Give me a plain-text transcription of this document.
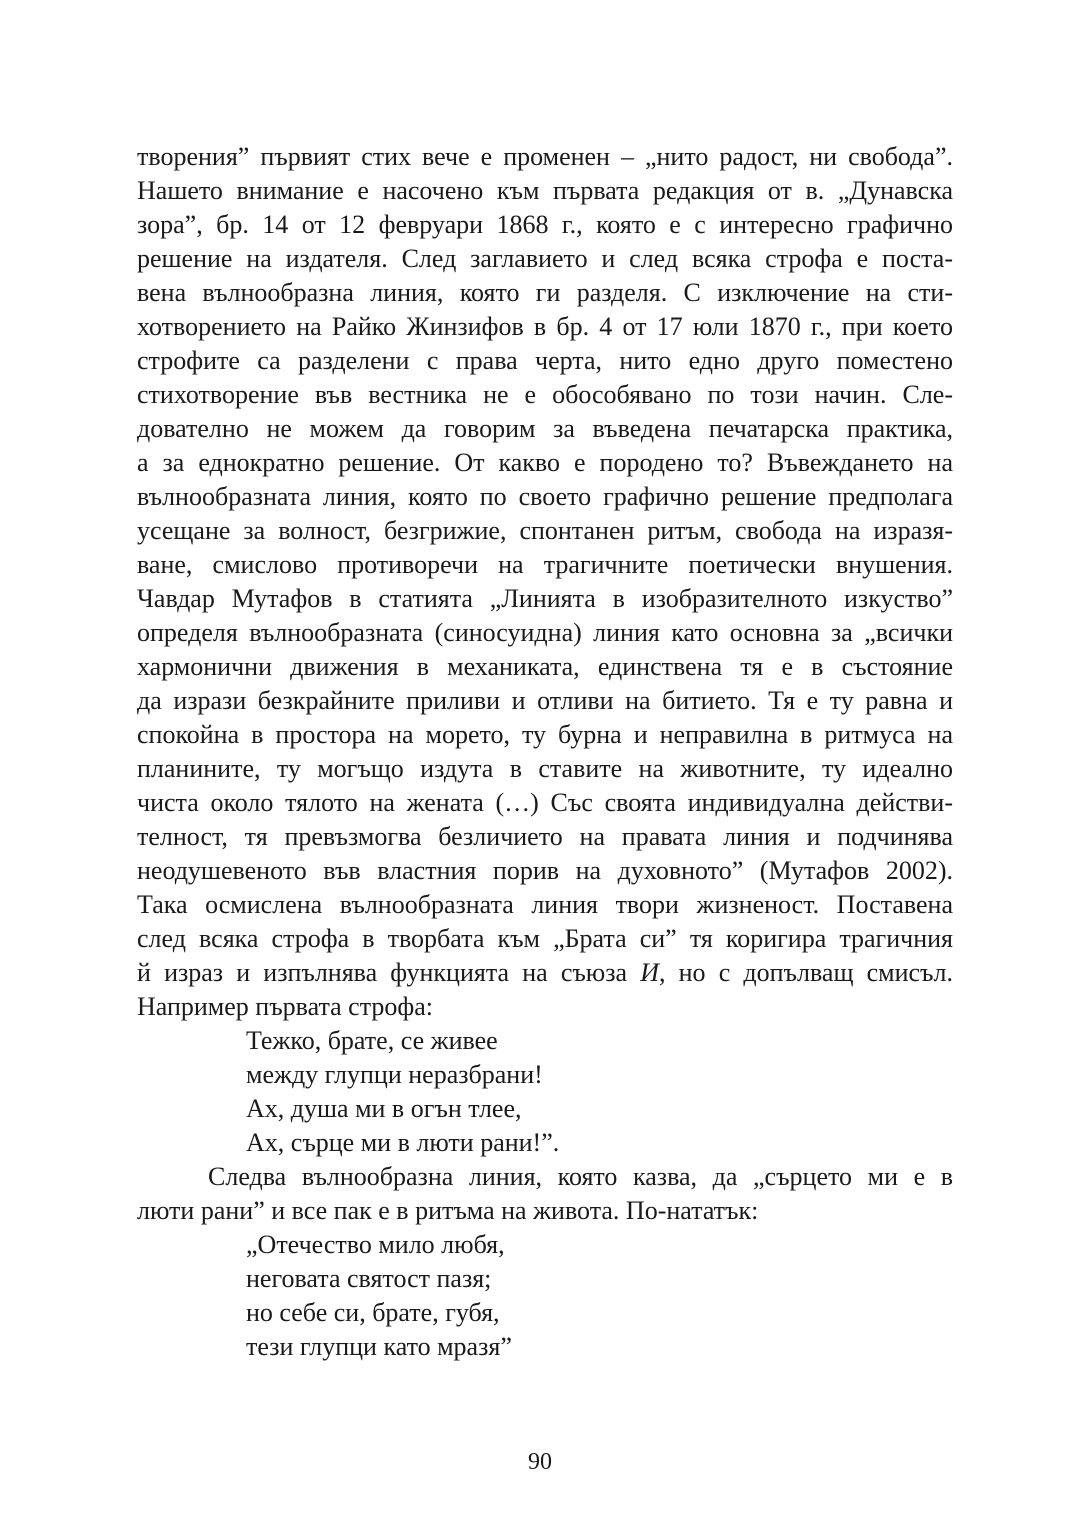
творения” първият стих вече е променен – „нито радост, ни свобода”.
Нашето внимание е насочено към първата редакция от в. „Дунавска
зора”, бр. 14 от 12 февруари 1868 г., която е с интересно графично
решение на издателя. След заглавието и след всяка строфа е поста-
вена вълнообразна линия, която ги разделя. С изключение на сти-
хотворението на Райко Жинзифов в бр. 4 от 17 юли 1870 г., при което
строфите са разделени с права черта, нито едно друго поместено
стихотворение във вестника не е обособявано по този начин. Сле-
дователно не можем да говорим за въведена печатарска практика,
а за еднократно решение. От какво е породено то? Въвеждането на
вълнообразната линия, която по своето графично решение предполага
усещане за волност, безгрижие, спонтанен ритъм, свобода на изразя-
ване, смислово противоречи на трагичните поетически внушения.
Чавдар Мутафов в статията „Линията в изобразителното изкуство”
определя вълнообразната (синосуидна) линия като основна за „всички
хармонични движения в механиката, единствена тя е в състояние
да изрази безкрайните приливи и отливи на битието. Тя е ту равна и
спокойна в простора на морето, ту бурна и неправилна в ритмуса на
планините, ту могъщо издута в ставите на животните, ту идеално
чиста около тялото на жената (…) Със своята индивидуална действи-
телност, тя превъзмогва безличието на правата линия и подчинява
неодушевеното във властния порив на духовното” (Мутафов 2002).
Така осмислена вълнообразната линия твори жизненост. Поставена
след всяка строфа в творбата към „Брата си” тя коригира трагичния
й израз и изпълнява функцията на съюза И, но с допълващ смисъл.
Например първата строфа:
Тежко, брате, се живее
между глупци неразбрани!
Ах, душа ми в огън тлее,
Ах, сърце ми в люти рани!”.
Следва вълнообразна линия, която казва, да „сърцето ми е в
люти рани” и все пак е в ритъма на живота. По-нататък:
„Отечество мило любя,
неговата святост пазя;
но себе си, брате, губя,
тези глупци като мразя”
90
